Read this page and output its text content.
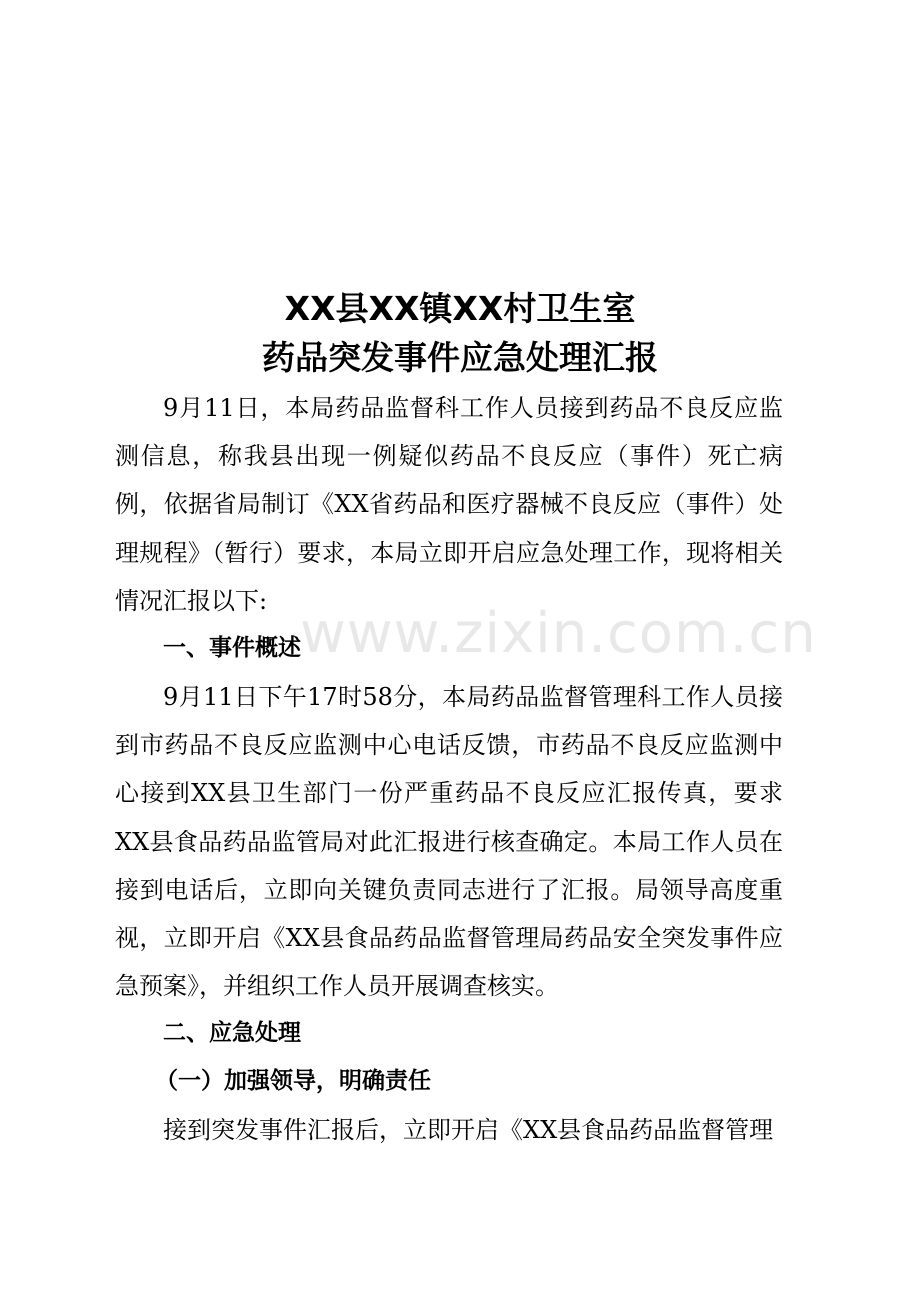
XX县XX镇XX村卫生室
药品突发事件应急处理汇报

9月11日，本局药品监督科工作人员接到药品不良反应监测信息，称我县出现一例疑似药品不良反应（事件）死亡病例，依据省局制订《XX省药品和医疗器械不良反应（事件）处理规程》（暂行）要求，本局立即开启应急处理工作，现将相关情况汇报以下:

一、事件概述

9月11日下午17时58分，本局药品监督管理科工作人员接到市药品不良反应监测中心电话反馈，市药品不良反应监测中心接到XX县卫生部门一份严重药品不良反应汇报传真，要求XX县食品药品监管局对此汇报进行核查确定。本局工作人员在接到电话后，立即向关键负责同志进行了汇报。局领导高度重视，立即开启《XX县食品药品监督管理局药品安全突发事件应急预案》，并组织工作人员开展调查核实。

二、应急处理
（一）加强领导，明确责任

接到突发事件汇报后，立即开启《XX县食品药品监督管理

www.zixin.com.cn
